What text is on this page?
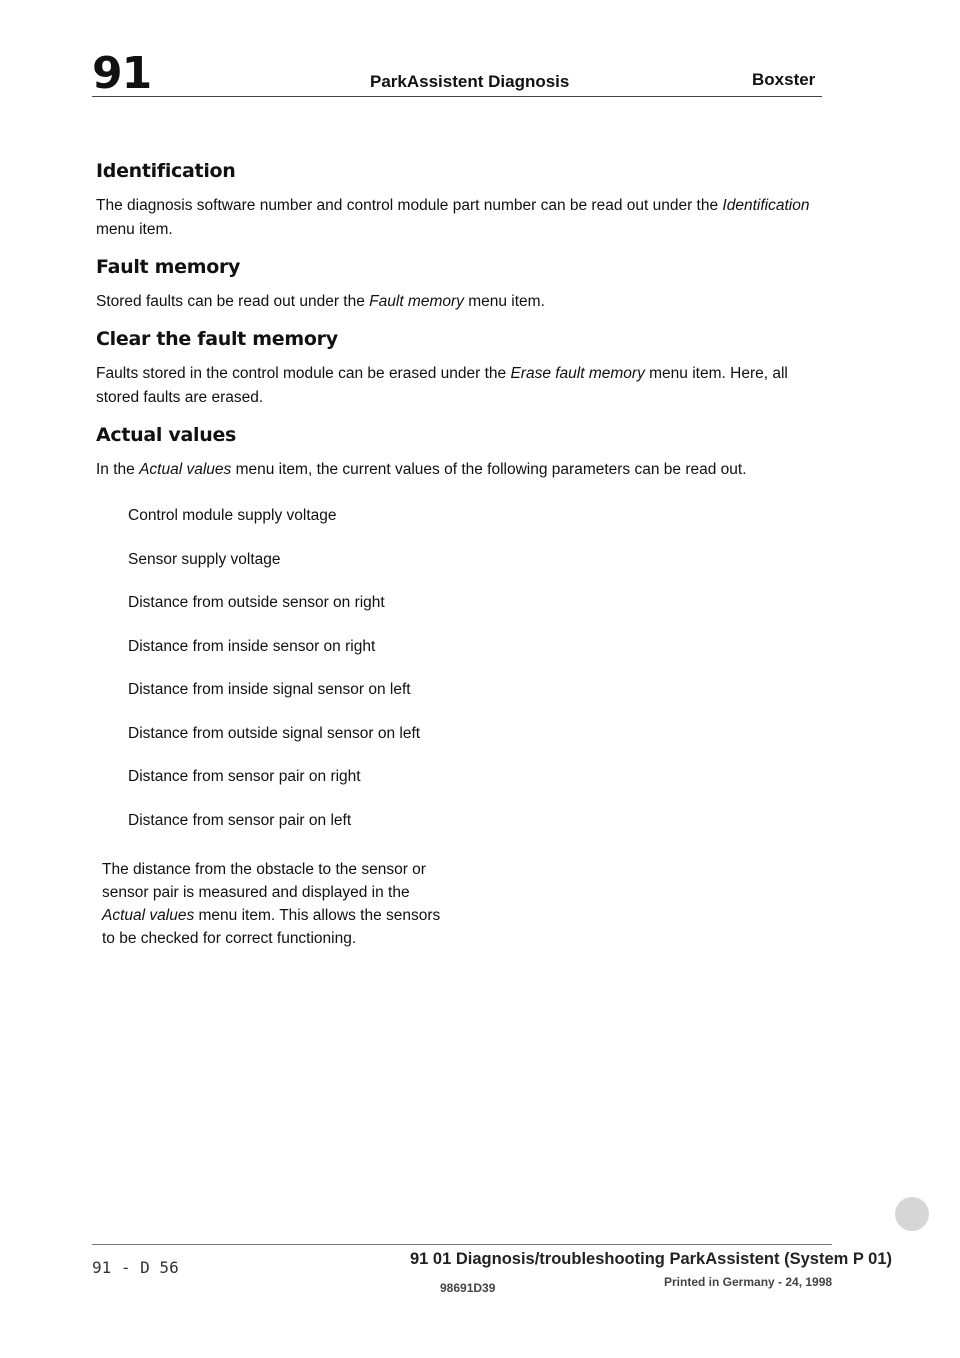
91	ParkAssistent Diagnosis	Boxster
Identification

The diagnosis software number and control module part number can be read out under the Identification menu item.

Fault memory

Stored faults can be read out under the Fault memory menu item.

Clear the fault memory

Faults stored in the control module can be erased under the Erase fault memory menu item. Here, all stored faults are erased.

Actual values

In the Actual values menu item, the current values of the following parameters can be read out.

Control module supply voltage
Sensor supply voltage
Distance from outside sensor on right
Distance from inside sensor on right
Distance from inside signal sensor on left
Distance from outside signal sensor on left
Distance from sensor pair on right
Distance from sensor pair on left

The distance from the obstacle to the sensor or sensor pair is measured and displayed in the Actual values menu item. This allows the sensors to be checked for correct functioning.

91 - D 56	91 01 Diagnosis/troubleshooting ParkAssistent (System P 01)
98691D39	Printed in Germany - 24, 1998
